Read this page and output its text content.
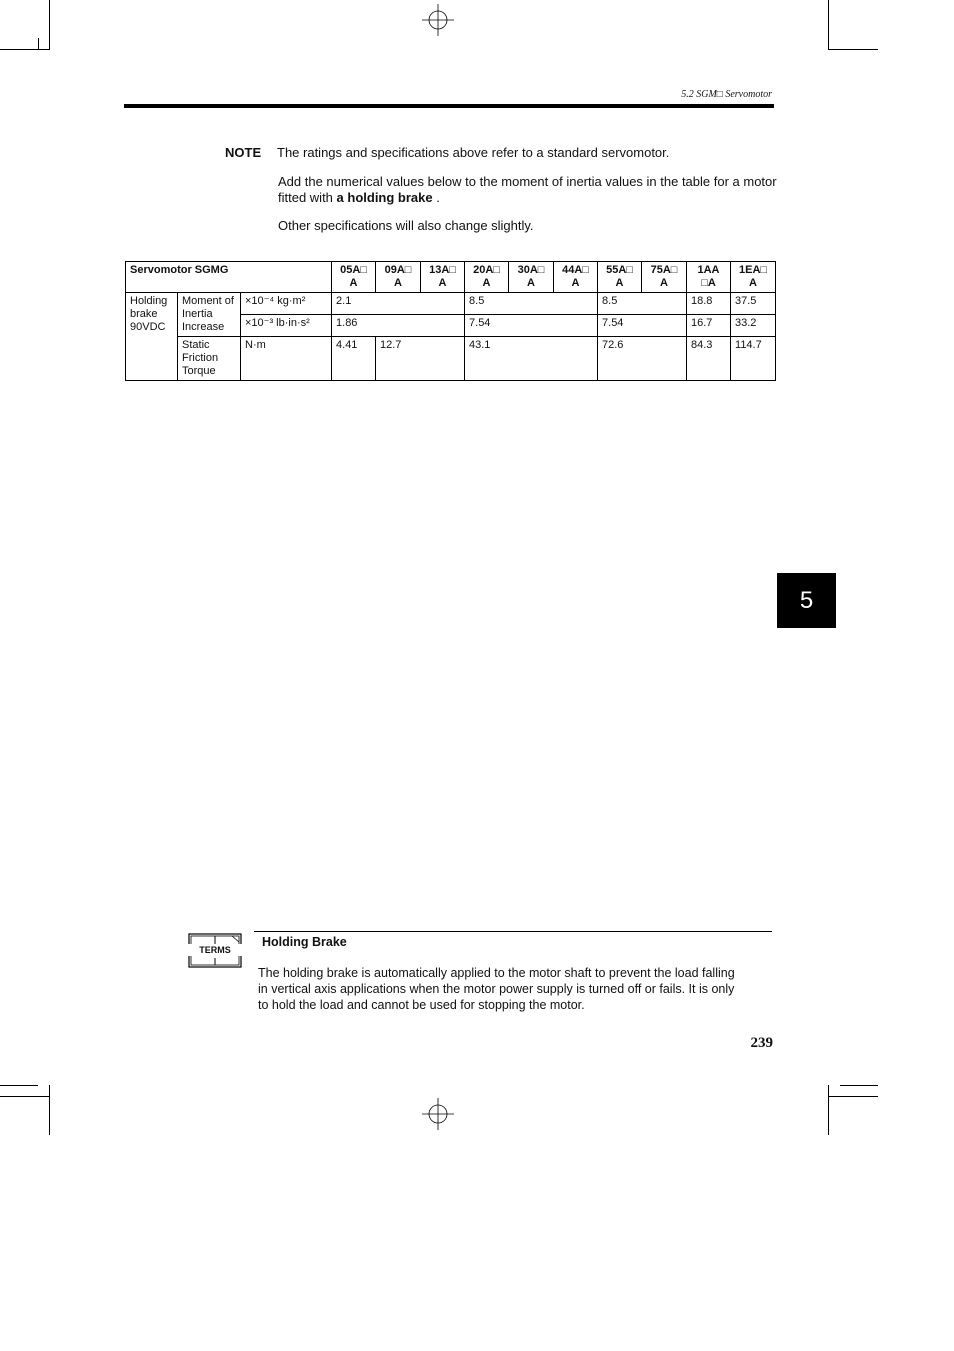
5.2 SGM□ Servomotor
NOTE The ratings and specifications above refer to a standard servomotor.
Add the numerical values below to the moment of inertia values in the table for a motor fitted with a holding brake .
Other specifications will also change slightly.
Servomotor SGMG			05A□ A	09A□ A	13A□ A	20A□ A	30A□ A	44A□ A	55A□ A	75A□ A	1AA □A	1EA□ A
Holding brake 90VDC	Moment of Inertia Increase	×10⁻⁴ kg·m²	2.1			8.5			8.5		18.8	37.5
		×10⁻³ lb·in·s²	1.86			7.54			7.54		16.7	33.2
	Static Friction Torque	N·m	4.41	12.7		43.1			72.6		84.3	114.7
5
TERMS
Holding Brake
The holding brake is automatically applied to the motor shaft to prevent the load falling in vertical axis applications when the motor power supply is turned off or fails. It is only to hold the load and cannot be used for stopping the motor.
239
